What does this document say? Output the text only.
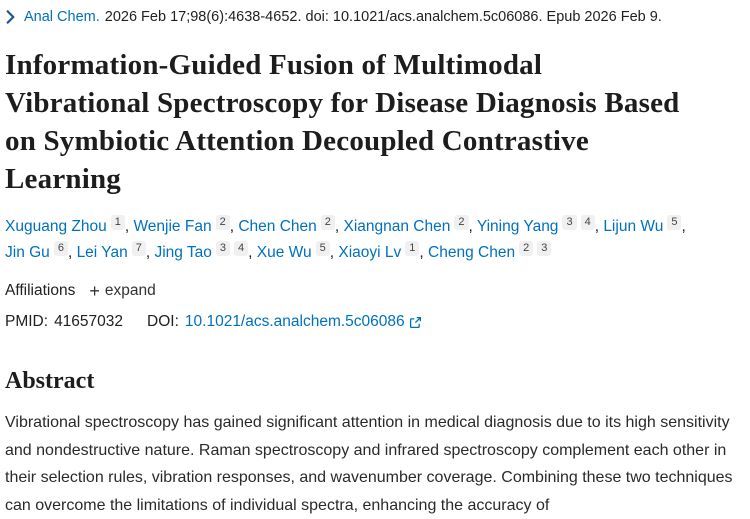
Anal Chem. 2026 Feb 17;98(6):4638-4652. doi: 10.1021/acs.analchem.5c06086. Epub 2026 Feb 9.
Information-Guided Fusion of Multimodal
Vibrational Spectroscopy for Disease Diagnosis Based
on Symbiotic Attention Decoupled Contrastive
Learning
Xuguang Zhou 1 , Wenjie Fan 2 , Chen Chen 2 , Xiangnan Chen 2 , Yining Yang 3 4 , Lijun Wu 5 , Jin Gu 6 , Lei Yan 7 , Jing Tao 3 4 , Xue Wu 5 , Xiaoyi Lv 1 , Cheng Chen 2 3
Affiliations + expand
PMID: 41657032 DOI: 10.1021/acs.analchem.5c06086
Abstract

Vibrational spectroscopy has gained significant attention in medical diagnosis due to its high sensitivity and nondestructive nature. Raman spectroscopy and infrared spectroscopy complement each other in their selection rules, vibration responses, and wavenumber coverage. Combining these two techniques can overcome the limitations of individual spectra, enhancing the accuracy of
